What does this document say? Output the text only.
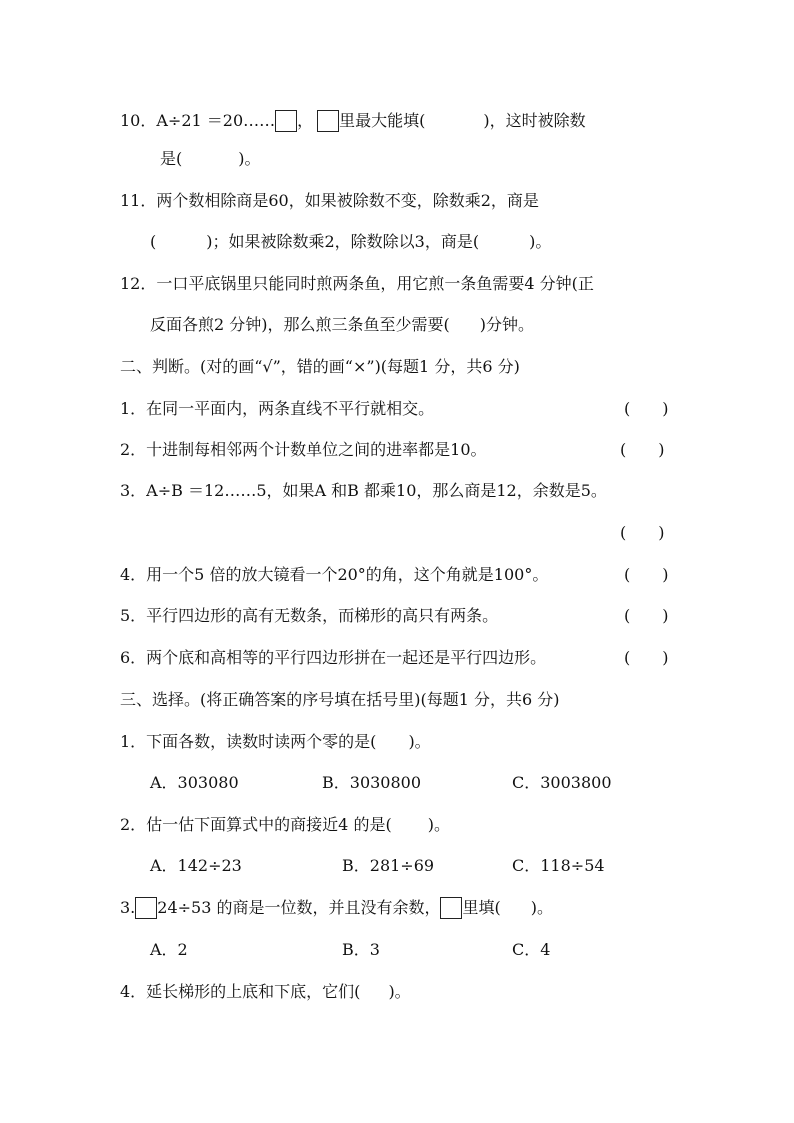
10．A÷21 ＝20…… ， 里最大能填(	)，这时被除数
是(	)。
11．两个数相除商是60，如果被除数不变，除数乘2，商是
(	)；如果被除数乘2，除数除以3，商是(	)。
12．一口平底锅里只能同时煎两条鱼，用它煎一条鱼需要4 分钟(正
反面各煎2 分钟)，那么煎三条鱼至少需要( )分钟。
二、判断。(对的画“√”，错的画“×”)(每题1 分，共6 分)
1．在同一平面内，两条直线不平行就相交。	(　　)
2．十进制每相邻两个计数单位之间的进率都是10。	(　　)
3．A÷B ＝12……5，如果A 和B 都乘10，那么商是12，余数是5。
(　　)
4．用一个5 倍的放大镜看一个20°的角，这个角就是100°。	(　　)
5．平行四边形的高有无数条，而梯形的高只有两条。	(　　)
6．两个底和高相等的平行四边形拼在一起还是平行四边形。	(　　)
三、选择。(将正确答案的序号填在括号里)(每题1 分，共6 分)
1．下面各数，读数时读两个零的是( )。
A．303080	B．3030800	C．3003800
2．估一估下面算式中的商接近4 的是( )。
A．142÷23	B．281÷69	C．118÷54
3. 24÷53 的商是一位数，并且没有余数， 里填( )。
A．2	B．3	C．4
4．延长梯形的上底和下底，它们( )。
